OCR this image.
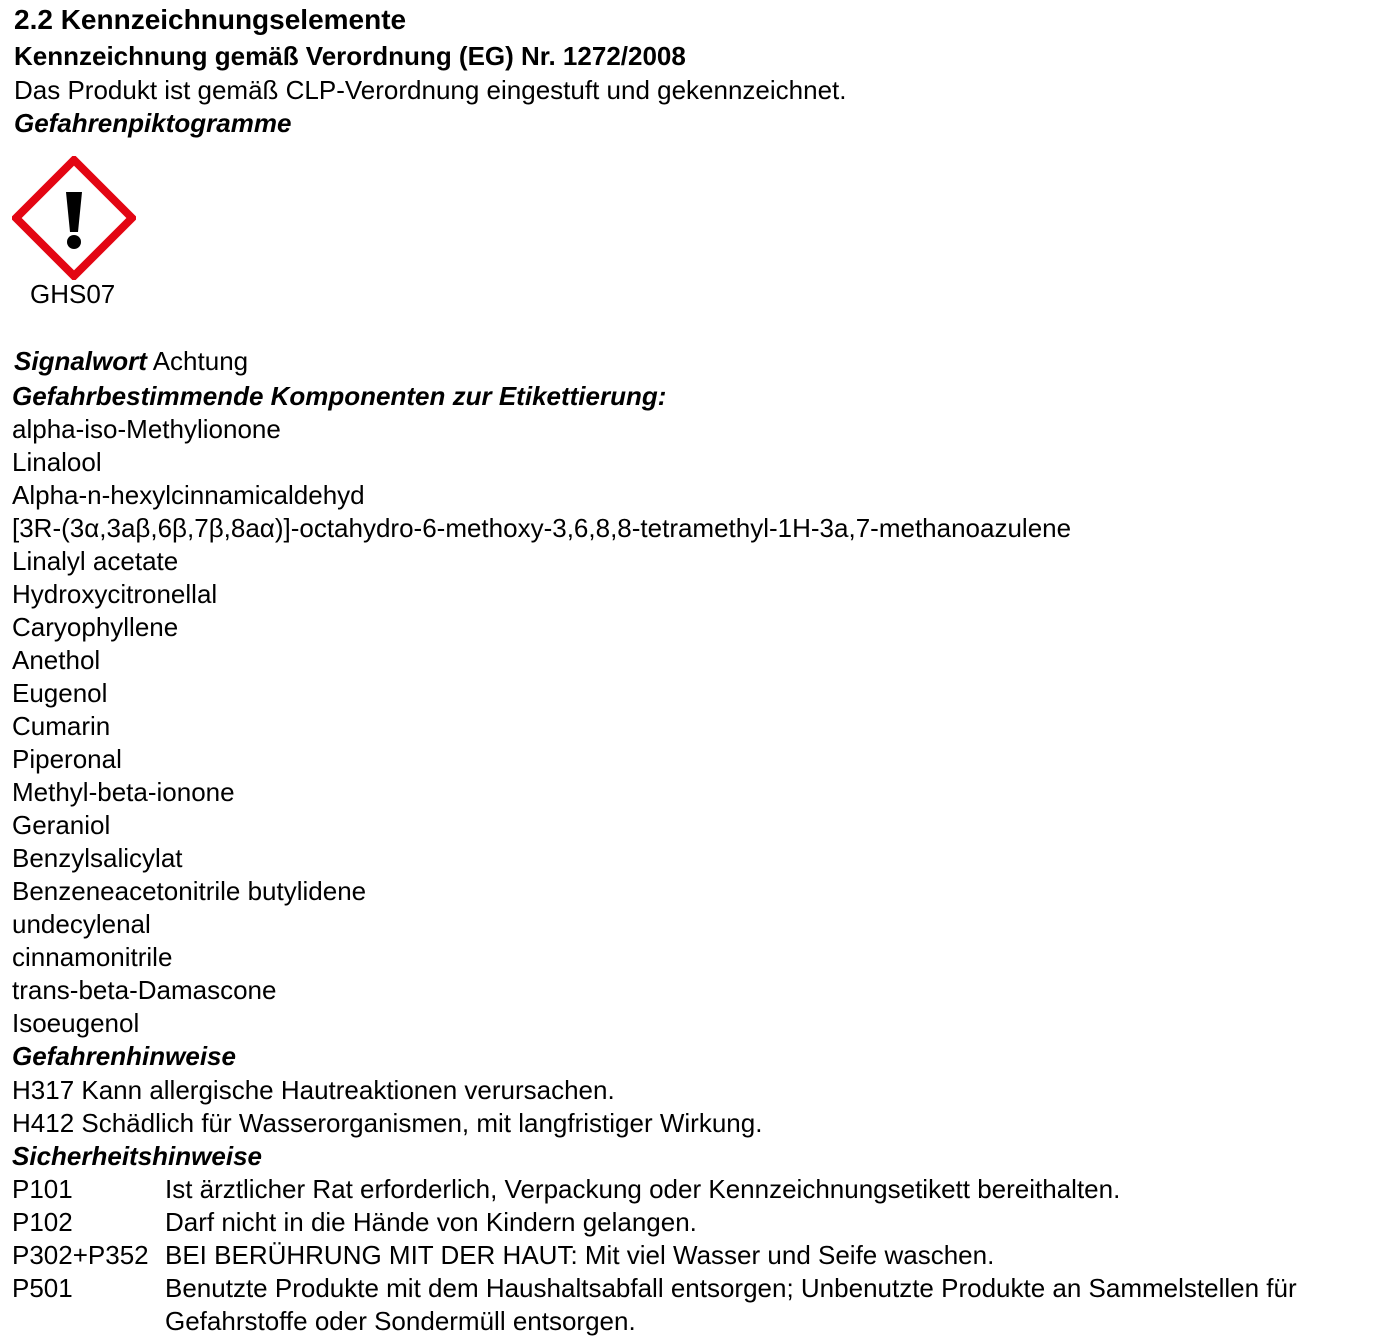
2.2 Kennzeichnungselemente
Kennzeichnung gemäß Verordnung (EG) Nr. 1272/2008
Das Produkt ist gemäß CLP-Verordnung eingestuft und gekennzeichnet.
Gefahrenpiktogramme
GHS07
Signalwort Achtung
Gefahrbestimmende Komponenten zur Etikettierung:
alpha-iso-Methylionone
Linalool
Alpha-n-hexylcinnamicaldehyd
[3R-(3α,3aβ,6β,7β,8aα)]-octahydro-6-methoxy-3,6,8,8-tetramethyl-1H-3a,7-methanoazulene
Linalyl acetate
Hydroxycitronellal
Caryophyllene
Anethol
Eugenol
Cumarin
Piperonal
Methyl-beta-ionone
Geraniol
Benzylsalicylat
Benzeneacetonitrile butylidene
undecylenal
cinnamonitrile
trans-beta-Damascone
Isoeugenol
Gefahrenhinweise
H317 Kann allergische Hautreaktionen verursachen.
H412 Schädlich für Wasserorganismen, mit langfristiger Wirkung.
Sicherheitshinweise
P101	Ist ärztlicher Rat erforderlich, Verpackung oder Kennzeichnungsetikett bereithalten.
P102	Darf nicht in die Hände von Kindern gelangen.
P302+P352 BEI BERÜHRUNG MIT DER HAUT: Mit viel Wasser und Seife waschen.
P501	Benutzte Produkte mit dem Haushaltsabfall entsorgen; Unbenutzte Produkte an Sammelstellen für Gefahrstoffe oder Sondermüll entsorgen.
